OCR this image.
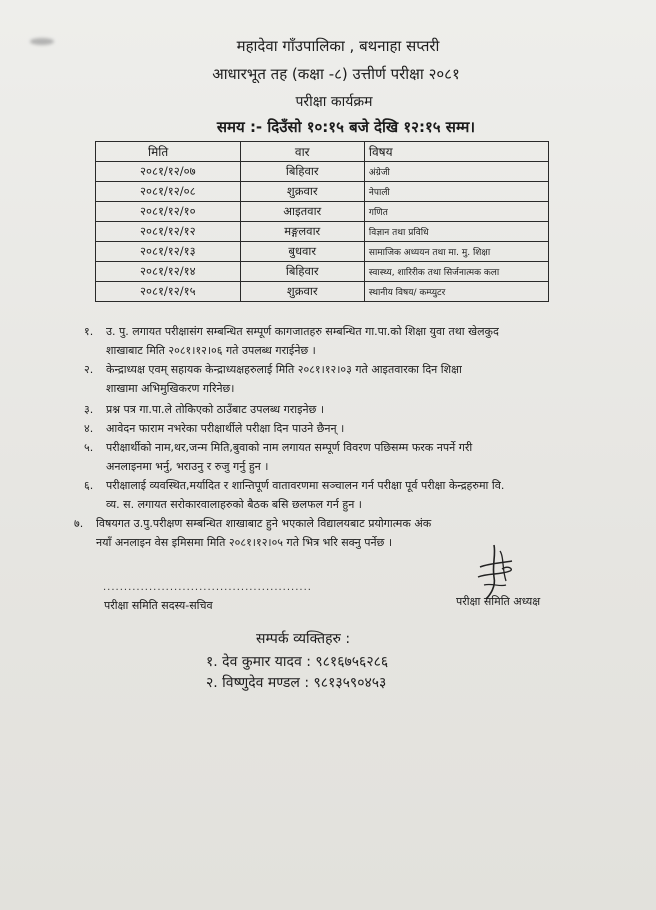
महादेवा गाँउपालिका , बथनाहा सप्तरी
आधारभूत तह (कक्षा -८) उत्तीर्ण परीक्षा २०८१
परीक्षा कार्यक्रम
समय :- दिउँसो १०:१५ बजे देखि १२:१५ सम्म।
मिति	वार	विषय
२०८१/१२/०७	बिहिवार	अंग्रेजी
२०८१/१२/०८	शुक्रवार	नेपाली
२०८१/१२/१०	आइतवार	गणित
२०८१/१२/१२	मङ्गलवार	विज्ञान तथा प्रविधि
२०८१/१२/१३	बुधवार	सामाजिक अध्ययन तथा मा. मु. शिक्षा
२०८१/१२/१४	बिहिवार	स्वास्थ्य, शारिरीक तथा सिर्जनात्मक कला
२०८१/१२/१५	शुक्रवार	स्थानीय विषय/ कम्प्युटर
१. उ. पु. लगायत परीक्षासंग सम्बन्धित सम्पूर्ण कागजातहरु सम्बन्धित गा.पा.को शिक्षा युवा तथा खेलकुद
शाखाबाट मिति २०८१।१२।०६ गते उपलब्ध गराईनेछ ।
२. केन्द्राध्यक्ष एवम् सहायक केन्द्राध्यक्षहरुलाई मिति २०८१।१२।०३ गते आइतवारका दिन शिक्षा
शाखामा अभिमुखिकरण गरिनेछ।
३. प्रश्न पत्र गा.पा.ले तोकिएको ठाउँबाट उपलब्ध गराइनेछ ।
४. आवेदन फाराम नभरेका परीक्षार्थीले परीक्षा दिन पाउने छैनन् ।
५. परीक्षार्थीको नाम,थर,जन्म मिति,बुवाको नाम लगायत सम्पूर्ण विवरण पछिसम्म फरक नपर्ने गरी
अनलाइनमा भर्नु, भराउनु र रुजु गर्नु हुन ।
६. परीक्षालाई व्यवस्थित,मर्यादित र शान्तिपूर्ण वातावरणमा सञ्चालन गर्न परीक्षा पूर्व परीक्षा केन्द्रहरुमा वि.
व्य. स. लगायत सरोकारवालाहरुको बैठक बसि छलफल गर्न हुन ।
७. विषयगत उ.पु.परीक्षण सम्बन्धित शाखाबाट हुने भएकाले विद्यालयबाट प्रयोगात्मक अंक
नयाँ अनलाइन वेस इमिसमा मिति २०८१।१२।०५ गते भित्र भरि सक्नु पर्नेछ ।
..................................................
परीक्षा समिति सदस्य-सचिव	परीक्षा समिति अध्यक्ष
सम्पर्क व्यक्तिहरु :
१. देव कुमार यादव : ९८१६७५६२८६
२. विष्णुदेव मण्डल : ९८१३५९०४५३
